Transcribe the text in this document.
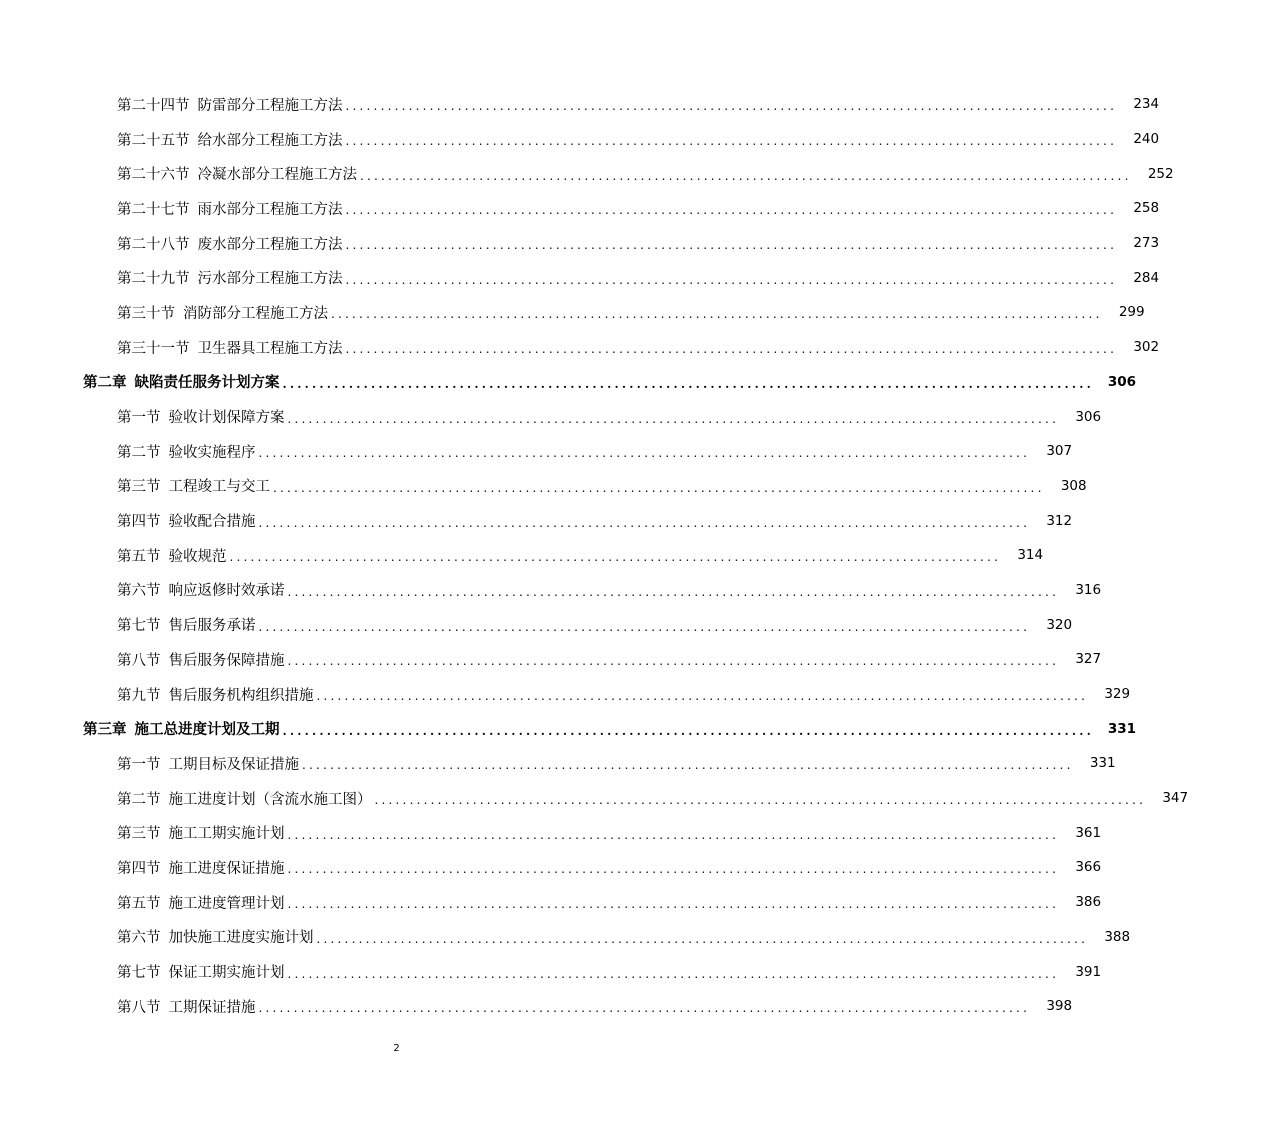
第二十四节 防雷部分工程施工方法 ..............................................................................................................	234
第二十五节 给水部分工程施工方法 ..............................................................................................................	240
第二十六节 冷凝水部分工程施工方法 ..............................................................................................................	252
第二十七节 雨水部分工程施工方法 ..............................................................................................................	258
第二十八节 废水部分工程施工方法 ..............................................................................................................	273
第二十九节 污水部分工程施工方法 ..............................................................................................................	284
第三十节 消防部分工程施工方法 ..............................................................................................................	299
第三十一节 卫生器具工程施工方法 ..............................................................................................................	302
第二章 缺陷责任服务计划方案 ..............................................................................................................	306
第一节 验收计划保障方案 ..............................................................................................................	306
第二节 验收实施程序 ..............................................................................................................	307
第三节 工程竣工与交工 ..............................................................................................................	308
第四节 验收配合措施 ..............................................................................................................	312
第五节 验收规范 ..............................................................................................................	314
第六节 响应返修时效承诺 ..............................................................................................................	316
第七节 售后服务承诺 ..............................................................................................................	320
第八节 售后服务保障措施 ..............................................................................................................	327
第九节 售后服务机构组织措施 ..............................................................................................................	329
第三章 施工总进度计划及工期 ..............................................................................................................	331
第一节 工期目标及保证措施 ..............................................................................................................	331
第二节 施工进度计划（含流水施工图） ..............................................................................................................	347
第三节 施工工期实施计划 ..............................................................................................................	361
第四节 施工进度保证措施 ..............................................................................................................	366
第五节 施工进度管理计划 ..............................................................................................................	386
第六节 加快施工进度实施计划 ..............................................................................................................	388
第七节 保证工期实施计划 ..............................................................................................................	391
第八节 工期保证措施 ..............................................................................................................	398
2
